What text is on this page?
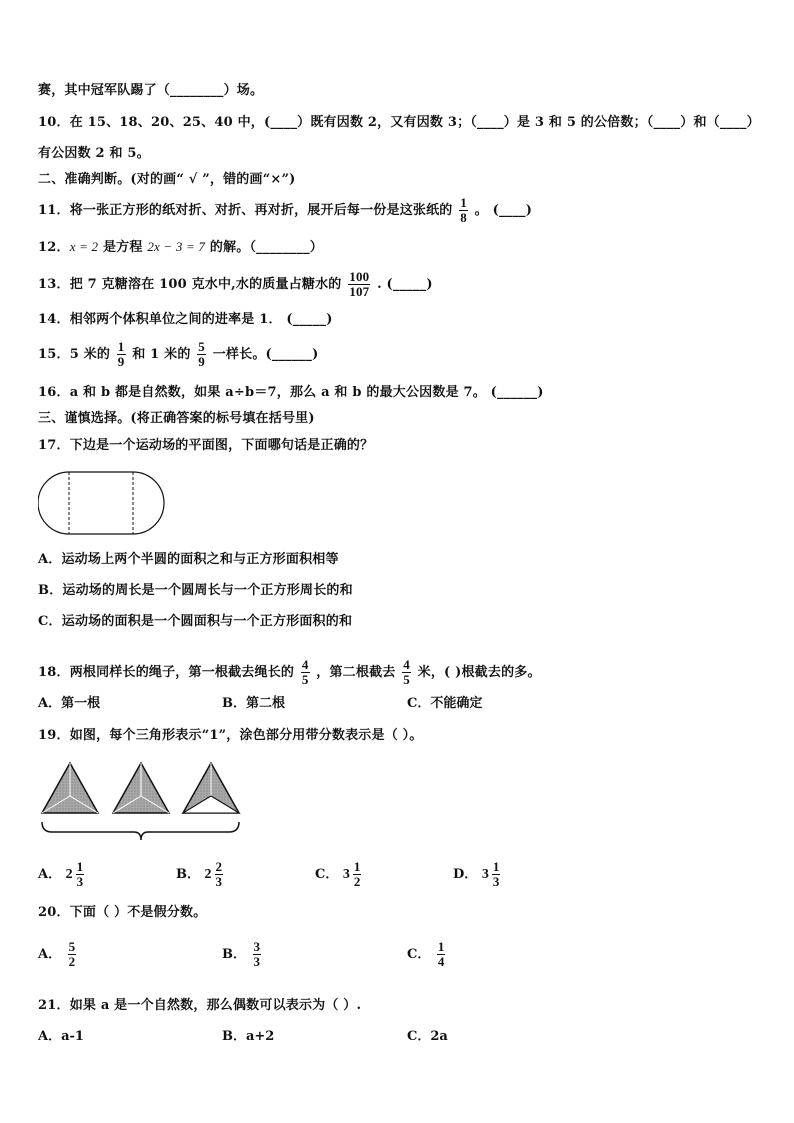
赛，其中冠军队踢了（________）场。
10．在 15、18、20、25、40 中，(____）既有因数 2，又有因数 3；（____）是 3 和 5 的公倍数；（____）和（____）
有公因数 2 和 5。
二、准确判断。(对的画“ √ ”，错的画“×”)
11．将一张正方形的纸对折、对折、再对折，展开后每一份是这张纸的 $\frac{1}{8}$ 。 (____)
12．x = 2 是方程 2x − 3 = 7 的解。（________）
13．把 7 克糖溶在 100 克水中,水的质量占糖水的 $\frac{100}{107}$ . (_____)
14．相邻两个体积单位之间的进率是 1． (_____)
15．5 米的 $\frac{1}{9}$ 和 1 米的 $\frac{5}{9}$ 一样长。(______)
16．a 和 b 都是自然数，如果 a÷b＝7，那么 a 和 b 的最大公因数是 7。 (______)
三、谨慎选择。(将正确答案的标号填在括号里)
17．下边是一个运动场的平面图，下面哪句话是正确的？
A．运动场上两个半圆的面积之和与正方形面积相等
B．运动场的周长是一个圆周长与一个正方形周长的和
C．运动场的面积是一个圆面积与一个正方形面积的和
18．两根同样长的绳子，第一根截去绳长的 $\frac{4}{5}$ ，第二根截去 $\frac{4}{5}$ 米，( )根截去的多。
A．第一根	B．第二根	C．不能确定
19．如图，每个三角形表示“1”，涂色部分用带分数表示是（ ）。
A． $2 \frac{1}{3}$	B． $2 \frac{2}{3}$	C． $3 \frac{1}{2}$	D． $3 \frac{1}{3}$
20．下面（ ）不是假分数。
A． $\frac{5}{2}$	B． $\frac{3}{3}$	C． $\frac{1}{4}$
21．如果 a 是一个自然数，那么偶数可以表示为（ ）.
A．a-1	B．a+2	C．2a
